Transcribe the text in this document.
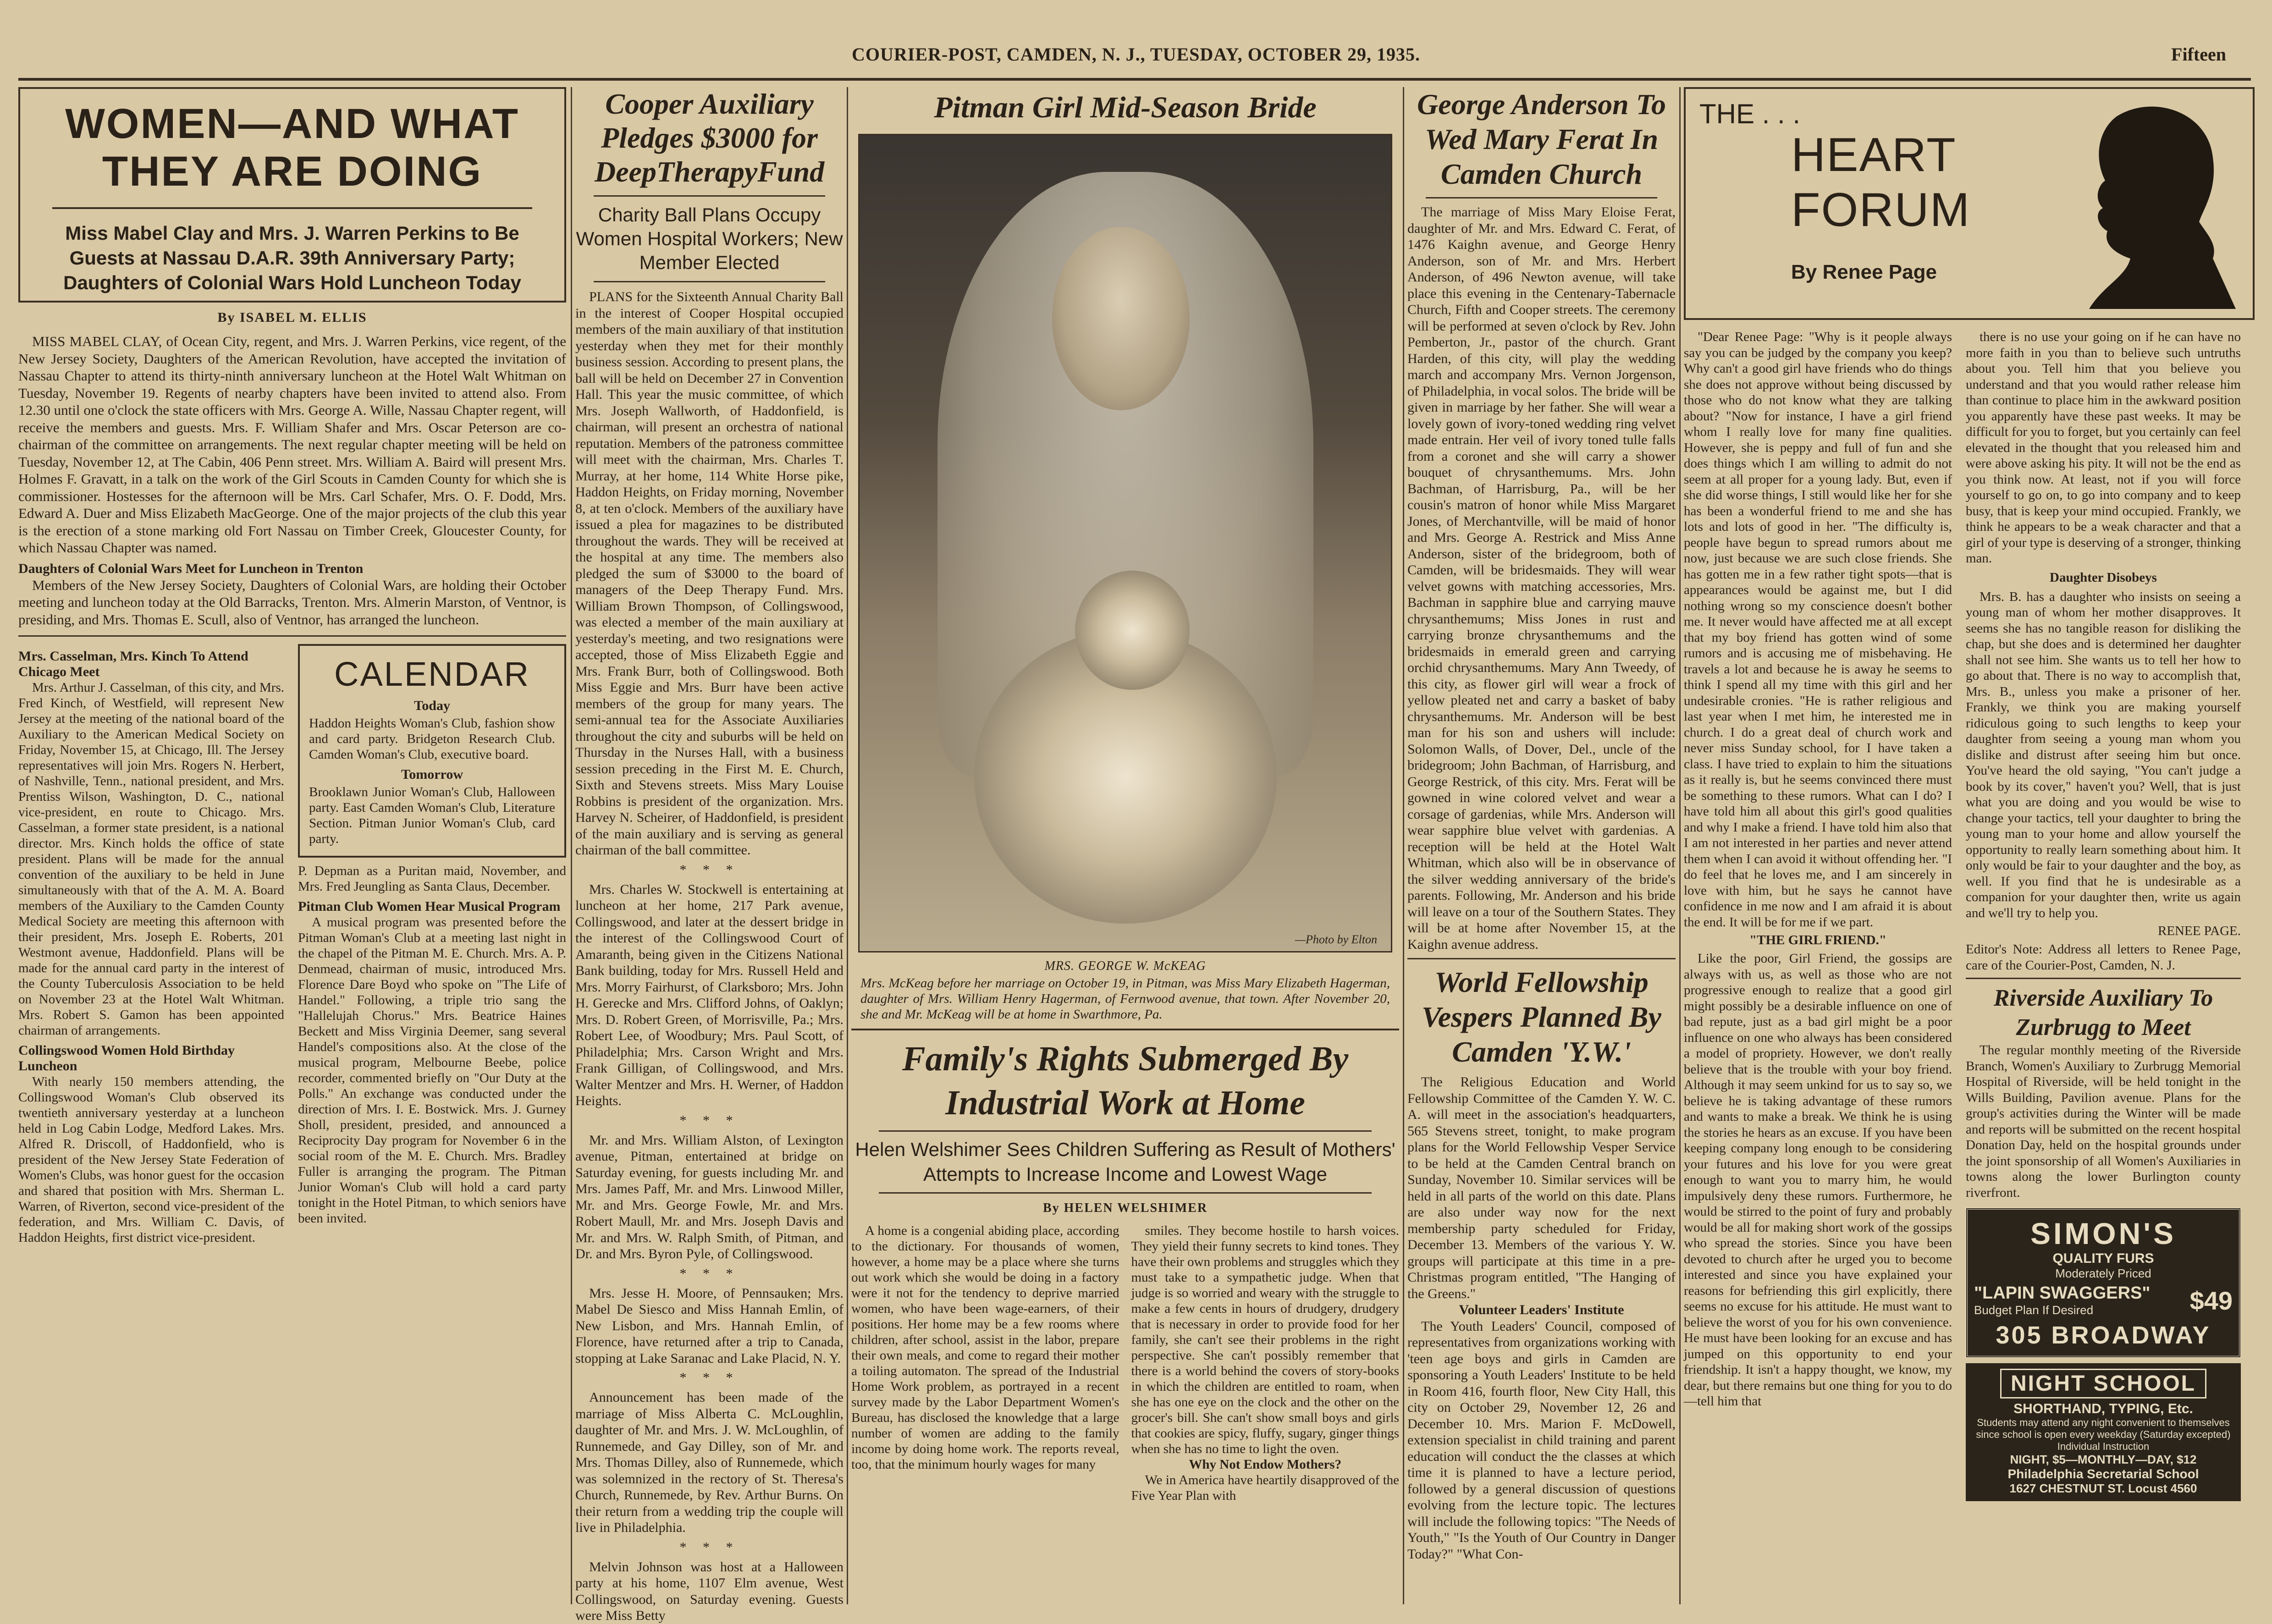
COURIER-POST, CAMDEN, N. J., TUESDAY, OCTOBER 29, 1935.	Fifteen
WOMEN—AND WHAT THEY ARE DOING

Miss Mabel Clay and Mrs. J. Warren Perkins to Be Guests at Nassau D.A.R. 39th Anniversary Party; Daughters of Colonial Wars Hold Luncheon Today

By ISABEL M. ELLIS

MISS MABEL CLAY, of Ocean City, regent, and Mrs. J. Warren Perkins, vice regent, of the New Jersey Society, Daughters of the American Revolution, have accepted the invitation of Nassau Chapter to attend its thirty-ninth anniversary luncheon at the Hotel Walt Whitman on Tuesday, November 19. Regents of nearby chapters have been invited to attend also. From 12.30 until one o'clock the state officers with Mrs. George A. Wille, Nassau Chapter regent, will receive the members and guests. Mrs. F. William Shafer and Mrs. Oscar Peterson are co-chairman of the committee on arrangements. The next regular chapter meeting will be held on Tuesday, November 12, at The Cabin, 406 Penn street. Mrs. William A. Baird will present Mrs. Holmes F. Gravatt, in a talk on the work of the Girl Scouts in Camden County for which she is commissioner. Hostesses for the afternoon will be Mrs. Carl Schafer, Mrs. O. F. Dodd, Mrs. Edward A. Duer and Miss Elizabeth MacGeorge. One of the major projects of the club this year is the erection of a stone marking old Fort Nassau on Timber Creek, Gloucester County, for which Nassau Chapter was named.

Daughters of Colonial Wars Meet for Luncheon in Trenton

Members of the New Jersey Society, Daughters of Colonial Wars, are holding their October meeting and luncheon today at the Old Barracks, Trenton. Mrs. Almerin Marston, of Ventnor, is presiding, and Mrs. Thomas E. Scull, also of Ventnor, has arranged the luncheon.

Mrs. Casselman, Mrs. Kinch To Attend Chicago Meet

Mrs. Arthur J. Casselman, of this city, and Mrs. Fred Kinch, of Westfield, will represent New Jersey at the meeting of the national board of the Auxiliary to the American Medical Society on Friday, November 15, at Chicago, Ill. The Jersey representatives will join Mrs. Rogers N. Herbert, of Nashville, Tenn., national president, and Mrs. Prentiss Wilson, Washington, D. C., national vice-president, en route to Chicago. Mrs. Casselman, a former state president, is a national director. Mrs. Kinch holds the office of state president. Plans will be made for the annual convention of the auxiliary to be held in June simultaneously with that of the A. M. A. Board members of the Auxiliary to the Camden County Medical Society are meeting this afternoon with their president, Mrs. Joseph E. Roberts, 201 Westmont avenue, Haddonfield. Plans will be made for the annual card party in the interest of the County Tuberculosis Association to be held on November 23 at the Hotel Walt Whitman. Mrs. Robert S. Gamon has been appointed chairman of arrangements.

Collingswood Women Hold Birthday Luncheon

With nearly 150 members attending, the Collingswood Woman's Club observed its twentieth anniversary yesterday at a luncheon held in Log Cabin Lodge, Medford Lakes. Mrs. Alfred R. Driscoll, of Haddonfield, who is president of the New Jersey State Federation of Women's Clubs, was honor guest for the occasion and shared that position with Mrs. Sherman L. Warren, of Riverton, second vice-president of the federation, and Mrs. William C. Davis, of Haddon Heights, first district vice-president.

CALENDAR

Today

Haddon Heights Woman's Club, fashion show and card party. Bridgeton Research Club. Camden Woman's Club, executive board.

Tomorrow

Brooklawn Junior Woman's Club, Halloween party. East Camden Woman's Club, Literature Section. Pitman Junior Woman's Club, card party.

P. Depman as a Puritan maid, November, and Mrs. Fred Jeungling as Santa Claus, December.

Pitman Club Women Hear Musical Program

A musical program was presented before the Pitman Woman's Club at a meeting last night in the chapel of the Pitman M. E. Church. Mrs. A. P. Denmead, chairman of music, introduced Mrs. Florence Dare Boyd who spoke on "The Life of Handel." Following, a triple trio sang the "Hallelujah Chorus." Mrs. Beatrice Haines Beckett and Miss Virginia Deemer, sang several Handel's compositions also. At the close of the musical program, Melbourne Beebe, police recorder, commented briefly on "Our Duty at the Polls." An exchange was conducted under the direction of Mrs. I. E. Bostwick. Mrs. J. Gurney Sholl, president, presided, and announced a Reciprocity Day program for November 6 in the social room of the M. E. Church. Mrs. Bradley Fuller is arranging the program. The Pitman Junior Woman's Club will hold a card party tonight in the Hotel Pitman, to which seniors have been invited.

Cooper Auxiliary Pledges $3000 for DeepTherapyFund

Charity Ball Plans Occupy Women Hospital Workers; New Member Elected

PLANS for the Sixteenth Annual Charity Ball in the interest of Cooper Hospital occupied members of the main auxiliary of that institution yesterday when they met for their monthly business session. According to present plans, the ball will be held on December 27 in Convention Hall. This year the music committee, of which Mrs. Joseph Wallworth, of Haddonfield, is chairman, will present an orchestra of national reputation. Members of the patroness committee will meet with the chairman, Mrs. Charles T. Murray, at her home, 114 White Horse pike, Haddon Heights, on Friday morning, November 8, at ten o'clock. Members of the auxiliary have issued a plea for magazines to be distributed throughout the wards. They will be received at the hospital at any time. The members also pledged the sum of $3000 to the board of managers of the Deep Therapy Fund. Mrs. William Brown Thompson, of Collingswood, was elected a member of the main auxiliary at yesterday's meeting, and two resignations were accepted, those of Miss Elizabeth Eggie and Mrs. Frank Burr, both of Collingswood. Both Miss Eggie and Mrs. Burr have been active members of the group for many years. The semi-annual tea for the Associate Auxiliaries throughout the city and suburbs will be held on Thursday in the Nurses Hall, with a business session preceding in the First M. E. Church, Sixth and Stevens streets. Miss Mary Louise Robbins is president of the organization. Mrs. Harvey N. Scheirer, of Haddonfield, is president of the main auxiliary and is serving as general chairman of the ball committee.

* * *

Mrs. Charles W. Stockwell is entertaining at luncheon at her home, 217 Park avenue, Collingswood, and later at the dessert bridge in the interest of the Collingswood Court of Amaranth, being given in the Citizens National Bank building, today for Mrs. Russell Held and Mrs. Morry Fairhurst, of Clarksboro; Mrs. John H. Gerecke and Mrs. Clifford Johns, of Oaklyn; Mrs. D. Robert Green, of Morrisville, Pa.; Mrs. Robert Lee, of Woodbury; Mrs. Paul Scott, of Philadelphia; Mrs. Carson Wright and Mrs. Frank Gilligan, of Collingswood, and Mrs. Walter Mentzer and Mrs. H. Werner, of Haddon Heights.

* * *

Mr. and Mrs. William Alston, of Lexington avenue, Pitman, entertained at bridge on Saturday evening, for guests including Mr. and Mrs. James Paff, Mr. and Mrs. Linwood Miller, Mr. and Mrs. George Fowle, Mr. and Mrs. Robert Maull, Mr. and Mrs. Joseph Davis and Mr. and Mrs. W. Ralph Smith, of Pitman, and Dr. and Mrs. Byron Pyle, of Collingswood.

* * *

Mrs. Jesse H. Moore, of Pennsauken; Mrs. Mabel De Siesco and Miss Hannah Emlin, of New Lisbon, and Mrs. Hannah Emlin, of Florence, have returned after a trip to Canada, stopping at Lake Saranac and Lake Placid, N. Y.

* * *

Announcement has been made of the marriage of Miss Alberta C. McLoughlin, daughter of Mr. and Mrs. J. W. McLoughlin, of Runnemede, and Gay Dilley, son of Mr. and Mrs. Thomas Dilley, also of Runnemede, which was solemnized in the rectory of St. Theresa's Church, Runnemede, by Rev. Arthur Burns. On their return from a wedding trip the couple will live in Philadelphia.

* * *

Melvin Johnson was host at a Halloween party at his home, 1107 Elm avenue, West Collingswood, on Saturday evening. Guests were Miss Betty

Pitman Girl Mid-Season Bride
—Photo by Elton

MRS. GEORGE W. McKEAG

Mrs. McKeag before her marriage on October 19, in Pitman, was Miss Mary Elizabeth Hagerman, daughter of Mrs. William Henry Hagerman, of Fernwood avenue, that town. After November 20, she and Mr. McKeag will be at home in Swarthmore, Pa.

Family's Rights Submerged By Industrial Work at Home

Helen Welshimer Sees Children Suffering as Result of Mothers' Attempts to Increase Income and Lowest Wage

By HELEN WELSHIMER

A home is a congenial abiding place, according to the dictionary. For thousands of women, however, a home may be a place where she turns out work which she would be doing in a factory were it not for the tendency to deprive married women, who have been wage-earners, of their positions. Her home may be a few rooms where children, after school, assist in the labor, prepare their own meals, and come to regard their mother a toiling automaton. The spread of the Industrial Home Work problem, as portrayed in a recent survey made by the Labor Department Women's Bureau, has disclosed the knowledge that a large number of women are adding to the family income by doing home work. The reports reveal, too, that the minimum hourly wages for many

smiles. They become hostile to harsh voices. They yield their funny secrets to kind tones. They have their own problems and struggles which they must take to a sympathetic judge. When that judge is so worried and weary with the struggle to make a few cents in hours of drudgery, drudgery that is necessary in order to provide food for her family, she can't see their problems in the right perspective. She can't possibly remember that there is a world behind the covers of story-books in which the children are entitled to roam, when she has one eye on the clock and the other on the grocer's bill. She can't show small boys and girls that cookies are spicy, fluffy, sugary, ginger things when she has no time to light the oven.

Why Not Endow Mothers?

We in America have heartily disapproved of the Five Year Plan with

George Anderson To Wed Mary Ferat In Camden Church

The marriage of Miss Mary Eloise Ferat, daughter of Mr. and Mrs. Edward C. Ferat, of 1476 Kaighn avenue, and George Henry Anderson, son of Mr. and Mrs. Herbert Anderson, of 496 Newton avenue, will take place this evening in the Centenary-Tabernacle Church, Fifth and Cooper streets. The ceremony will be performed at seven o'clock by Rev. John Pemberton, Jr., pastor of the church. Grant Harden, of this city, will play the wedding march and accompany Mrs. Vernon Jorgenson, of Philadelphia, in vocal solos. The bride will be given in marriage by her father. She will wear a lovely gown of ivory-toned wedding ring velvet made entrain. Her veil of ivory toned tulle falls from a coronet and she will carry a shower bouquet of chrysanthemums. Mrs. John Bachman, of Harrisburg, Pa., will be her cousin's matron of honor while Miss Margaret Jones, of Merchantville, will be maid of honor and Mrs. George A. Restrick and Miss Anne Anderson, sister of the bridegroom, both of Camden, will be bridesmaids. They will wear velvet gowns with matching accessories, Mrs. Bachman in sapphire blue and carrying mauve chrysanthemums; Miss Jones in rust and carrying bronze chrysanthemums and the bridesmaids in emerald green and carrying orchid chrysanthemums. Mary Ann Tweedy, of this city, as flower girl will wear a frock of yellow pleated net and carry a basket of baby chrysanthemums. Mr. Anderson will be best man for his son and ushers will include: Solomon Walls, of Dover, Del., uncle of the bridegroom; John Bachman, of Harrisburg, and George Restrick, of this city. Mrs. Ferat will be gowned in wine colored velvet and wear a corsage of gardenias, while Mrs. Anderson will wear sapphire blue velvet with gardenias. A reception will be held at the Hotel Walt Whitman, which also will be in observance of the silver wedding anniversary of the bride's parents. Following, Mr. Anderson and his bride will leave on a tour of the Southern States. They will be at home after November 15, at the Kaighn avenue address.

World Fellowship Vespers Planned By Camden 'Y.W.'

The Religious Education and World Fellowship Committee of the Camden Y. W. C. A. will meet in the association's headquarters, 565 Stevens street, tonight, to make program plans for the World Fellowship Vesper Service to be held at the Camden Central branch on Sunday, November 10. Similar services will be held in all parts of the world on this date. Plans are also under way now for the next membership party scheduled for Friday, December 13. Members of the various Y. W. groups will participate at this time in a pre-Christmas program entitled, "The Hanging of the Greens."

Volunteer Leaders' Institute

The Youth Leaders' Council, composed of representatives from organizations working with 'teen age boys and girls in Camden are sponsoring a Youth Leaders' Institute to be held in Room 416, fourth floor, New City Hall, this city on October 29, November 12, 26 and December 10. Mrs. Marion F. McDowell, extension specialist in child training and parent education will conduct the the classes at which time it is planned to have a lecture period, followed by a general discussion of questions evolving from the lecture topic. The lectures will include the following topics: "The Needs of Youth," "Is the Youth of Our Country in Danger Today?" "What Con-

THE . . .
HEART
FORUM
By Renee Page

"Dear Renee Page: "Why is it people always say you can be judged by the company you keep? Why can't a good girl have friends who do things she does not approve without being discussed by those who do not know what they are talking about? "Now for instance, I have a girl friend whom I really love for many fine qualities. However, she is peppy and full of fun and she does things which I am willing to admit do not seem at all proper for a young lady. But, even if she did worse things, I still would like her for she has been a wonderful friend to me and she has lots and lots of good in her. "The difficulty is, people have begun to spread rumors about me now, just because we are such close friends. She has gotten me in a few rather tight spots—that is appearances would be against me, but I did nothing wrong so my conscience doesn't bother me. It never would have affected me at all except that my boy friend has gotten wind of some rumors and is accusing me of misbehaving. He travels a lot and because he is away he seems to think I spend all my time with this girl and her undesirable cronies. "He is rather religious and last year when I met him, he interested me in church. I do a great deal of church work and never miss Sunday school, for I have taken a class. I have tried to explain to him the situations as it really is, but he seems convinced there must be something to these rumors. What can I do? I have told him all about this girl's good qualities and why I make a friend. I have told him also that I am not interested in her parties and never attend them when I can avoid it without offending her. "I do feel that he loves me, and I am sincerely in love with him, but he says he cannot have confidence in me now and I am afraid it is about the end. It will be for me if we part.

"THE GIRL FRIEND."

Like the poor, Girl Friend, the gossips are always with us, as well as those who are not progressive enough to realize that a good girl might possibly be a desirable influence on one of bad repute, just as a bad girl might be a poor influence on one who always has been considered a model of propriety. However, we don't really believe that is the trouble with your boy friend. Although it may seem unkind for us to say so, we believe he is taking advantage of these rumors and wants to make a break. We think he is using the stories he hears as an excuse. If you have been keeping company long enough to be considering your futures and his love for you were great enough to want you to marry him, he would impulsively deny these rumors. Furthermore, he would be stirred to the point of fury and probably would be all for making short work of the gossips who spread the stories. Since you have been devoted to church after he urged you to become interested and since you have explained your reasons for befriending this girl explicitly, there seems no excuse for his attitude. He must want to believe the worst of you for his own convenience. He must have been looking for an excuse and has jumped on this opportunity to end your friendship. It isn't a happy thought, we know, my dear, but there remains but one thing for you to do—tell him that

there is no use your going on if he can have no more faith in you than to believe such untruths about you. Tell him that you believe you understand and that you would rather release him than continue to place him in the awkward position you apparently have these past weeks. It may be difficult for you to forget, but you certainly can feel elevated in the thought that you released him and were above asking his pity. It will not be the end as you think now. At least, not if you will force yourself to go on, to go into company and to keep busy, that is keep your mind occupied. Frankly, we think he appears to be a weak character and that a girl of your type is deserving of a stronger, thinking man.

Daughter Disobeys

Mrs. B. has a daughter who insists on seeing a young man of whom her mother disapproves. It seems she has no tangible reason for disliking the chap, but she does and is determined her daughter shall not see him. She wants us to tell her how to go about that. There is no way to accomplish that, Mrs. B., unless you make a prisoner of her. Frankly, we think you are making yourself ridiculous going to such lengths to keep your daughter from seeing a young man whom you dislike and distrust after seeing him but once. You've heard the old saying, "You can't judge a book by its cover," haven't you? Well, that is just what you are doing and you would be wise to change your tactics, tell your daughter to bring the young man to your home and allow yourself the opportunity to really learn something about him. It only would be fair to your daughter and the boy, as well. If you find that he is undesirable as a companion for your daughter then, write us again and we'll try to help you.

RENEE PAGE.

Editor's Note: Address all letters to Renee Page, care of the Courier-Post, Camden, N. J.

Riverside Auxiliary To Zurbrugg to Meet

The regular monthly meeting of the Riverside Branch, Women's Auxiliary to Zurbrugg Memorial Hospital of Riverside, will be held tonight in the Wills Building, Pavilion avenue. Plans for the group's activities during the Winter will be made and reports will be submitted on the recent hospital Donation Day, held on the hospital grounds under the joint sponsorship of all Women's Auxiliaries in towns along the lower Burlington county riverfront.

SIMON'S
QUALITY FURS
Moderately Priced
"LAPIN SWAGGERS"
Budget Plan If Desired	$49
305 BROADWAY
NIGHT SCHOOL
SHORTHAND, TYPING, Etc.
Students may attend any night convenient to themselves since school is open every weekday (Saturday excepted) Individual Instruction
NIGHT, $5—MONTHLY—DAY, $12
Philadelphia Secretarial School
1627 CHESTNUT ST. Locust 4560
